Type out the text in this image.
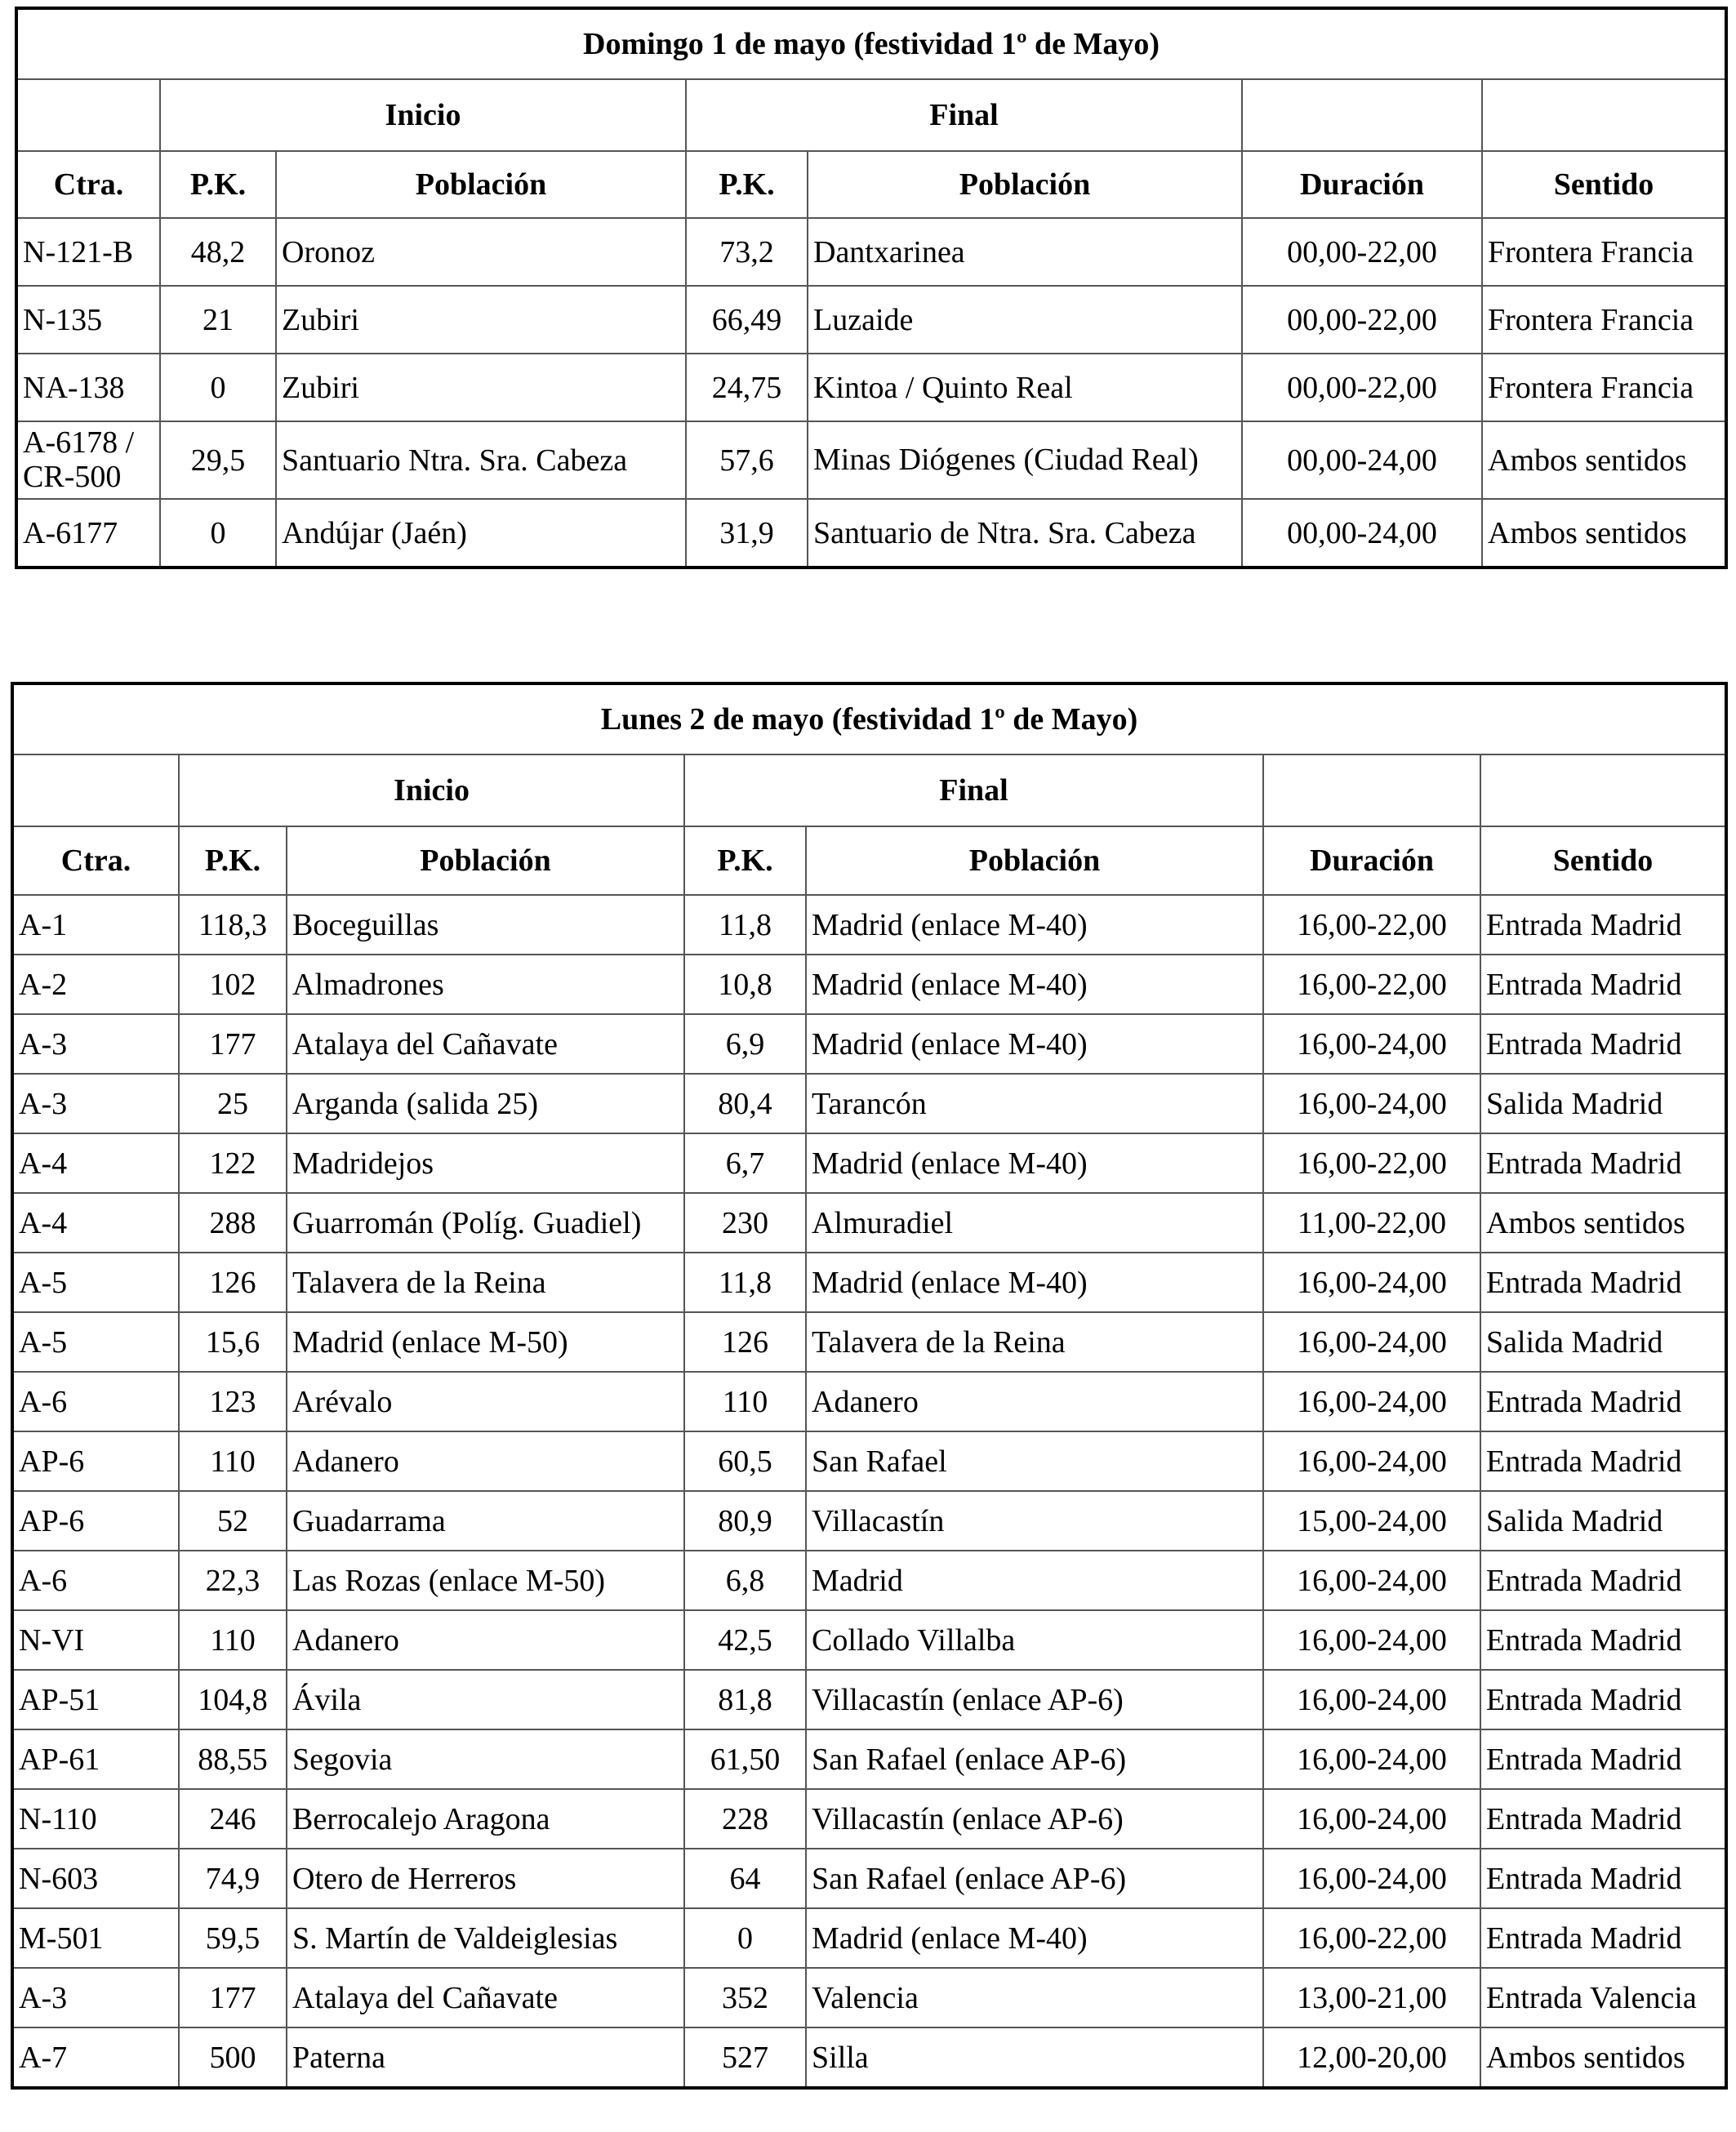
Domingo 1 de mayo (festividad 1º de Mayo)						
	Inicio		Final			
Ctra.	P.K.	Población	P.K.	Población	Duración	Sentido
N-121-B	48,2	Oronoz	73,2	Dantxarinea	00,00-22,00	Frontera Francia
N-135	21	Zubiri	66,49	Luzaide	00,00-22,00	Frontera Francia
NA-138	0	Zubiri	24,75	Kintoa / Quinto Real	00,00-22,00	Frontera Francia
A-6178 / CR-500	29,5	Santuario Ntra. Sra. Cabeza	57,6	Minas Diógenes (Ciudad Real)	00,00-24,00	Ambos sentidos
A-6177	0	Andújar (Jaén)	31,9	Santuario de Ntra. Sra. Cabeza	00,00-24,00	Ambos sentidos
Lunes 2 de mayo (festividad 1º de Mayo)						
	Inicio		Final			
Ctra.	P.K.	Población	P.K.	Población	Duración	Sentido
A-1	118,3	Boceguillas	11,8	Madrid (enlace M-40)	16,00-22,00	Entrada Madrid
A-2	102	Almadrones	10,8	Madrid (enlace M-40)	16,00-22,00	Entrada Madrid
A-3	177	Atalaya del Cañavate	6,9	Madrid (enlace M-40)	16,00-24,00	Entrada Madrid
A-3	25	Arganda (salida 25)	80,4	Tarancón	16,00-24,00	Salida Madrid
A-4	122	Madridejos	6,7	Madrid (enlace M-40)	16,00-22,00	Entrada Madrid
A-4	288	Guarromán (Políg. Guadiel)	230	Almuradiel	11,00-22,00	Ambos sentidos
A-5	126	Talavera de la Reina	11,8	Madrid (enlace M-40)	16,00-24,00	Entrada Madrid
A-5	15,6	Madrid (enlace M-50)	126	Talavera de la Reina	16,00-24,00	Salida Madrid
A-6	123	Arévalo	110	Adanero	16,00-24,00	Entrada Madrid
AP-6	110	Adanero	60,5	San Rafael	16,00-24,00	Entrada Madrid
AP-6	52	Guadarrama	80,9	Villacastín	15,00-24,00	Salida Madrid
A-6	22,3	Las Rozas (enlace M-50)	6,8	Madrid	16,00-24,00	Entrada Madrid
N-VI	110	Adanero	42,5	Collado Villalba	16,00-24,00	Entrada Madrid
AP-51	104,8	Ávila	81,8	Villacastín (enlace AP-6)	16,00-24,00	Entrada Madrid
AP-61	88,55	Segovia	61,50	San Rafael (enlace AP-6)	16,00-24,00	Entrada Madrid
N-110	246	Berrocalejo Aragona	228	Villacastín (enlace AP-6)	16,00-24,00	Entrada Madrid
N-603	74,9	Otero de Herreros	64	San Rafael (enlace AP-6)	16,00-24,00	Entrada Madrid
M-501	59,5	S. Martín de Valdeiglesias	0	Madrid (enlace M-40)	16,00-22,00	Entrada Madrid
A-3	177	Atalaya del Cañavate	352	Valencia	13,00-21,00	Entrada Valencia
A-7	500	Paterna	527	Silla	12,00-20,00	Ambos sentidos
